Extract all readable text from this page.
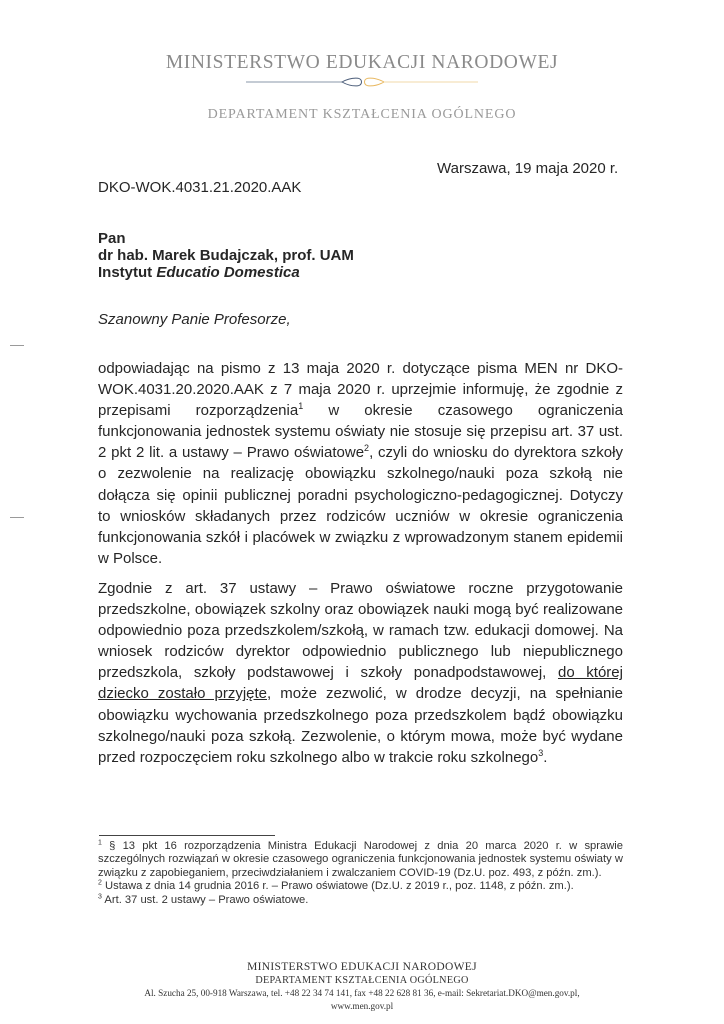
MINISTERSTWO EDUKACJI NARODOWEJ
DEPARTAMENT KSZTAŁCENIA OGÓLNEGO
Warszawa, 19 maja 2020 r.
DKO-WOK.4031.21.2020.AAK
Pan
dr hab. Marek Budajczak, prof. UAM
Instytut Educatio Domestica
Szanowny Panie Profesorze,
odpowiadając na pismo z 13 maja 2020 r. dotyczące pisma MEN nr DKO-WOK.4031.20.2020.AAK z 7 maja 2020 r. uprzejmie informuję, że zgodnie z przepisami rozporządzenia$^1$ w okresie czasowego ograniczenia funkcjonowania jednostek systemu oświaty nie stosuje się przepisu art. 37 ust. 2 pkt 2 lit. a ustawy – Prawo oświatowe$^2$, czyli do wniosku do dyrektora szkoły o zezwolenie na realizację obowiązku szkolnego/nauki poza szkołą nie dołącza się opinii publicznej poradni psychologiczno-pedagogicznej. Dotyczy to wniosków składanych przez rodziców uczniów w okresie ograniczenia funkcjonowania szkół i placówek w związku z wprowadzonym stanem epidemii w Polsce.
Zgodnie z art. 37 ustawy – Prawo oświatowe roczne przygotowanie przedszkolne, obowiązek szkolny oraz obowiązek nauki mogą być realizowane odpowiednio poza przedszkolem/szkołą, w ramach tzw. edukacji domowej. Na wniosek rodziców dyrektor odpowiednio publicznego lub niepublicznego przedszkola, szkoły podstawowej i szkoły ponadpodstawowej, do której dziecko zostało przyjęte, może zezwolić, w drodze decyzji, na spełnianie obowiązku wychowania przedszkolnego poza przedszkolem bądź obowiązku szkolnego/nauki poza szkołą. Zezwolenie, o którym mowa, może być wydane przed rozpoczęciem roku szkolnego albo w trakcie roku szkolnego$^3$.

$^1$ § 13 pkt 16 rozporządzenia Ministra Edukacji Narodowej z dnia 20 marca 2020 r. w sprawie szczególnych rozwiązań w okresie czasowego ograniczenia funkcjonowania jednostek systemu oświaty w związku z zapobieganiem, przeciwdziałaniem i zwalczaniem COVID-19 (Dz.U. poz. 493, z późn. zm.).

$^2$ Ustawa z dnia 14 grudnia 2016 r. – Prawo oświatowe (Dz.U. z 2019 r., poz. 1148, z późn. zm.).

$^3$ Art. 37 ust. 2 ustawy – Prawo oświatowe.

MINISTERSTWO EDUKACJI NARODOWEJ
DEPARTAMENT KSZTAŁCENIA OGÓLNEGO
Al. Szucha 25, 00-918 Warszawa, tel. +48 22 34 74 141, fax +48 22 628 81 36, e-mail: Sekretariat.DKO@men.gov.pl,
www.men.gov.pl
